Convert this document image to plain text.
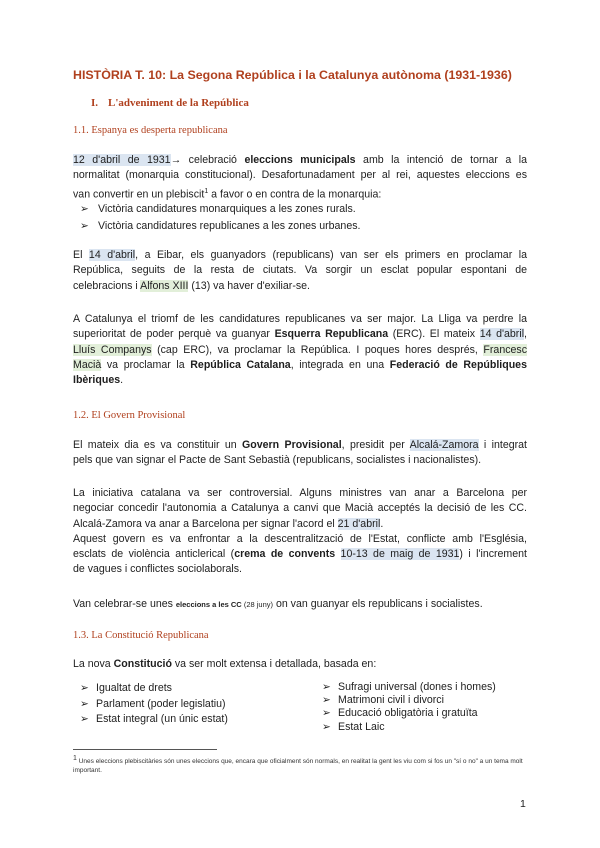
HISTÒRIA T. 10: La Segona República i la Catalunya autònoma (1931-1936)
I. L'adveniment de la República
1.1. Espanya es desperta republicana
12 d'abril de 1931→ celebració eleccions municipals amb la intenció de tornar a la
normalitat (monarquia constitucional). Desafortunadament per al rei, aquestes eleccions es
van convertir en un plebiscit$^1$ a favor o en contra de la monarquia:
➢ Victòria candidatures monarquiques a les zones rurals.
➢ Victòria candidatures republicanes a les zones urbanes.
El 14 d'abril, a Eibar, els guanyadors (republicans) van ser els primers en proclamar la
República, seguits de la resta de ciutats. Va sorgir un esclat popular espontani de
celebracions i Alfons XIII (13) va haver d'exiliar-se.
A Catalunya el triomf de les candidatures republicanes va ser major. La Lliga va perdre la
superioritat de poder perquè va guanyar Esquerra Republicana (ERC). El mateix 14 d'abril,
Lluís Companys (cap ERC), va proclamar la República. I poques hores després, Francesc
Macià va proclamar la República Catalana, integrada en una Federació de Repúbliques
Ibèriques.
1.2. El Govern Provisional
El mateix dia es va constituir un Govern Provisional, presidit per Alcalá-Zamora i integrat
pels que van signar el Pacte de Sant Sebastià (republicans, socialistes i nacionalistes).
La iniciativa catalana va ser controversial. Alguns ministres van anar a Barcelona per
negociar concedir l'autonomia a Catalunya a canvi que Macià acceptés la decisió de les CC.
Alcalá-Zamora va anar a Barcelona per signar l'acord el 21 d'abril.
Aquest govern es va enfrontar a la descentralització de l'Estat, conflicte amb l'Església,
esclats de violència anticlerical (crema de convents 10-13 de maig de 1931) i l'increment
de vagues i conflictes sociolaborals.
Van celebrar-se unes eleccions a les CC (28 juny) on van guanyar els republicans i socialistes.
1.3. La Constitució Republicana
La nova Constitució va ser molt extensa i detallada, basada en:
➢ Igualtat de drets
➢ Parlament (poder legislatiu)
➢ Estat integral (un únic estat)
➢ Sufragi universal (dones i homes)
➢ Matrimoni civil i divorci
➢ Educació obligatòria i gratuïta
➢ Estat Laic
$^1$ Unes eleccions plebiscitàries són unes eleccions que, encara que oficialment són normals, en realitat la gent les viu com si fos un "sí o no" a un tema molt important.
1
